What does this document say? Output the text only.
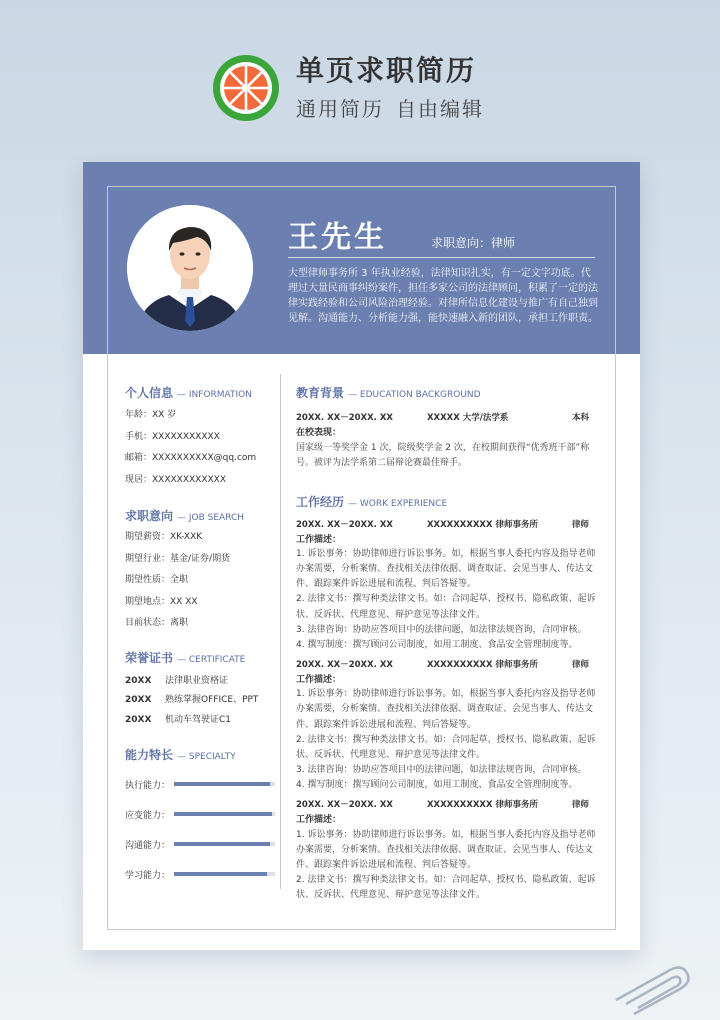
单页求职简历
通用简历 自由编辑
王先生	求职意向：律师
大型律师事务所 3 年执业经验，法律知识扎实，有一定文字功底。代理过大量民商事纠纷案件，担任多家公司的法律顾问，积累了一定的法律实践经验和公司风险治理经验。对律所信息化建设与推广有自己独到见解。沟通能力、分析能力强，能快速融入新的团队，承担工作职责。
个人信息 — INFORMATION
年龄：XX 岁
手机：XXXXXXXXXXX
邮箱：XXXXXXXXXX@qq.com
现居：XXXXXXXXXXXX
求职意向 — JOB SEARCH
期望薪资：XK-XXK
期望行业：基金/证券/期货
期望性质：全职
期望地点：XX XX
目前状态：离职
荣誉证书 — CERTIFICATE
20XX 法律职业资格证
20XX 熟练掌握OFFICE、PPT
20XX 机动车驾驶证C1
能力特长 — SPECIALTY
执行能力：
应变能力：
沟通能力：
学习能力：
教育背景 — EDUCATION BACKGROUND
20XX. XX－20XX. XX	XXXXX 大学/法学系	本科
在校表现：
国家级一等奖学金 1 次，院级奖学金 2 次，在校期间获得“优秀班干部”称号。被评为法学系第二届辩论赛最佳辩手。
工作经历 — WORK EXPERIENCE
20XX. XX－20XX. XX	XXXXXXXXXX 律师事务所	律师
工作描述：
1. 诉讼事务：协助律师进行诉讼事务。如，根据当事人委托内容及指导老师办案需要，分析案情、查找相关法律依据、调查取证、会见当事人、传达文件、跟踪案件诉讼进展和流程、判后答疑等。
2. 法律文书：撰写种类法律文书。如：合同起草、授权书、隐私政策、起诉状、反诉状、代理意见、辩护意见等法律文件。
3. 法律咨询：协助应答项目中的法律问题，如法律法规咨询，合同审核。
4. 撰写制度：撰写顾问公司制度，如用工制度、食品安全管理制度等。
20XX. XX－20XX. XX	XXXXXXXXXX 律师事务所	律师
工作描述：
1. 诉讼事务：协助律师进行诉讼事务。如，根据当事人委托内容及指导老师办案需要，分析案情、查找相关法律依据、调查取证、会见当事人、传达文件、跟踪案件诉讼进展和流程、判后答疑等。
2. 法律文书：撰写种类法律文书。如：合同起草、授权书、隐私政策、起诉状、反诉状、代理意见、辩护意见等法律文件。
3. 法律咨询：协助应答项目中的法律问题，如法律法规咨询，合同审核。
4. 撰写制度：撰写顾问公司制度，如用工制度、食品安全管理制度等。
20XX. XX－20XX. XX	XXXXXXXXXX 律师事务所	律师
工作描述：
1. 诉讼事务：协助律师进行诉讼事务。如，根据当事人委托内容及指导老师办案需要，分析案情、查找相关法律依据、调查取证、会见当事人、传达文件、跟踪案件诉讼进展和流程、判后答疑等。
2. 法律文书：撰写种类法律文书。如：合同起草、授权书、隐私政策、起诉状、反诉状、代理意见、辩护意见等法律文件。
